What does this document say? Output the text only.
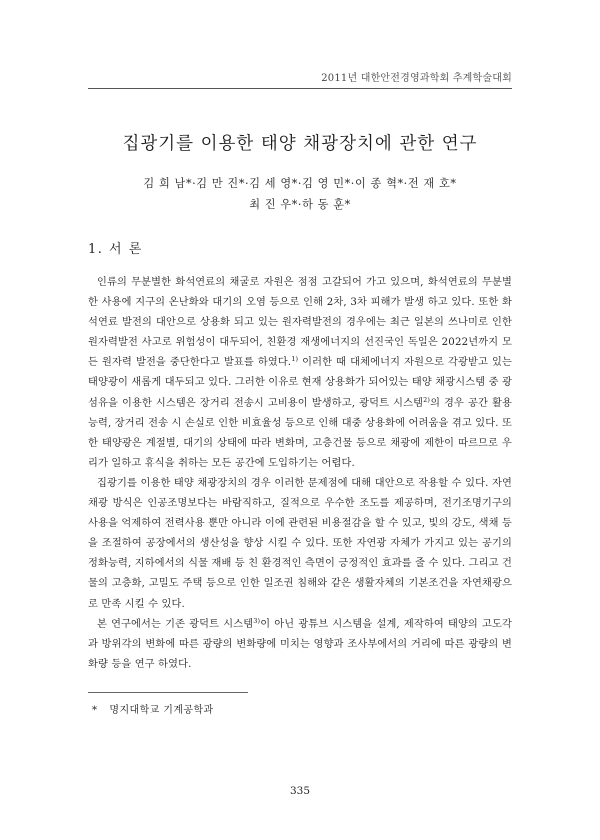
2011년 대한안전경영과학회 추계학술대회
집광기를 이용한 태양 채광장치에 관한 연구
김 희 남*·김 만 진*·김 세 영*·김 영 민*·이 종 혁*·전 재 호*
최 진 우*·하 동 훈*
1. 서 론

인류의 무분별한 화석연료의 채굴로 자원은 점점 고갈되어 가고 있으며, 화석연료의 무분별한 사용에 지구의 온난화와 대기의 오염 등으로 인해 2차, 3차 피해가 발생 하고 있다. 또한 화석연료 발전의 대안으로 상용화 되고 있는 원자력발전의 경우에는 최근 일본의 쓰나미로 인한 원자력발전 사고로 위험성이 대두되어, 친환경 재생에너지의 선진국인 독일은 2022년까지 모든 원자력 발전을 중단한다고 발표를 하였다.$^{1)}$ 이러한 때 대체에너지 자원으로 각광받고 있는 태양광이 새롭게 대두되고 있다. 그러한 이유로 현재 상용화가 되어있는 태양 채광시스템 중 광섬유을 이용한 시스템은 장거리 전송시 고비용이 발생하고, 광덕트 시스템$^{2)}$의 경우 공간 활용능력, 장거리 전송 시 손실로 인한 비효율성 등으로 인해 대중 상용화에 어려움을 겪고 있다. 또한 태양광은 계절별, 대기의 상태에 따라 변화며, 고층건물 등으로 채광에 제한이 따르므로 우리가 일하고 휴식을 취하는 모든 공간에 도입하기는 어렵다.

집광기를 이용한 태양 채광장치의 경우 이러한 문제점에 대해 대안으로 작용할 수 있다. 자연채광 방식은 인공조명보다는 바람직하고, 질적으로 우수한 조도를 제공하며, 전기조명기구의 사용을 억제하여 전력사용 뿐만 아니라 이에 관련된 비용절감을 할 수 있고, 빛의 강도, 색채 등을 조절하여 공장에서의 생산성을 향상 시킬 수 있다. 또한 자연광 자체가 가지고 있는 공기의 정화능력, 지하에서의 식물 재배 등 친 환경적인 측면이 긍정적인 효과를 줄 수 있다. 그리고 건물의 고층화, 고밀도 주택 등으로 인한 일조권 침해와 같은 생활자체의 기본조건을 자연채광으로 만족 시킬 수 있다.

본 연구에서는 기존 광덕트 시스템$^{3)}$이 아닌 광튜브 시스템을 설계, 제작하여 태양의 고도각과 방위각의 변화에 따른 광량의 변화량에 미치는 영향과 조사부에서의 거리에 따른 광량의 변화량 등을 연구 하였다.

* 명지대학교 기계공학과
335
